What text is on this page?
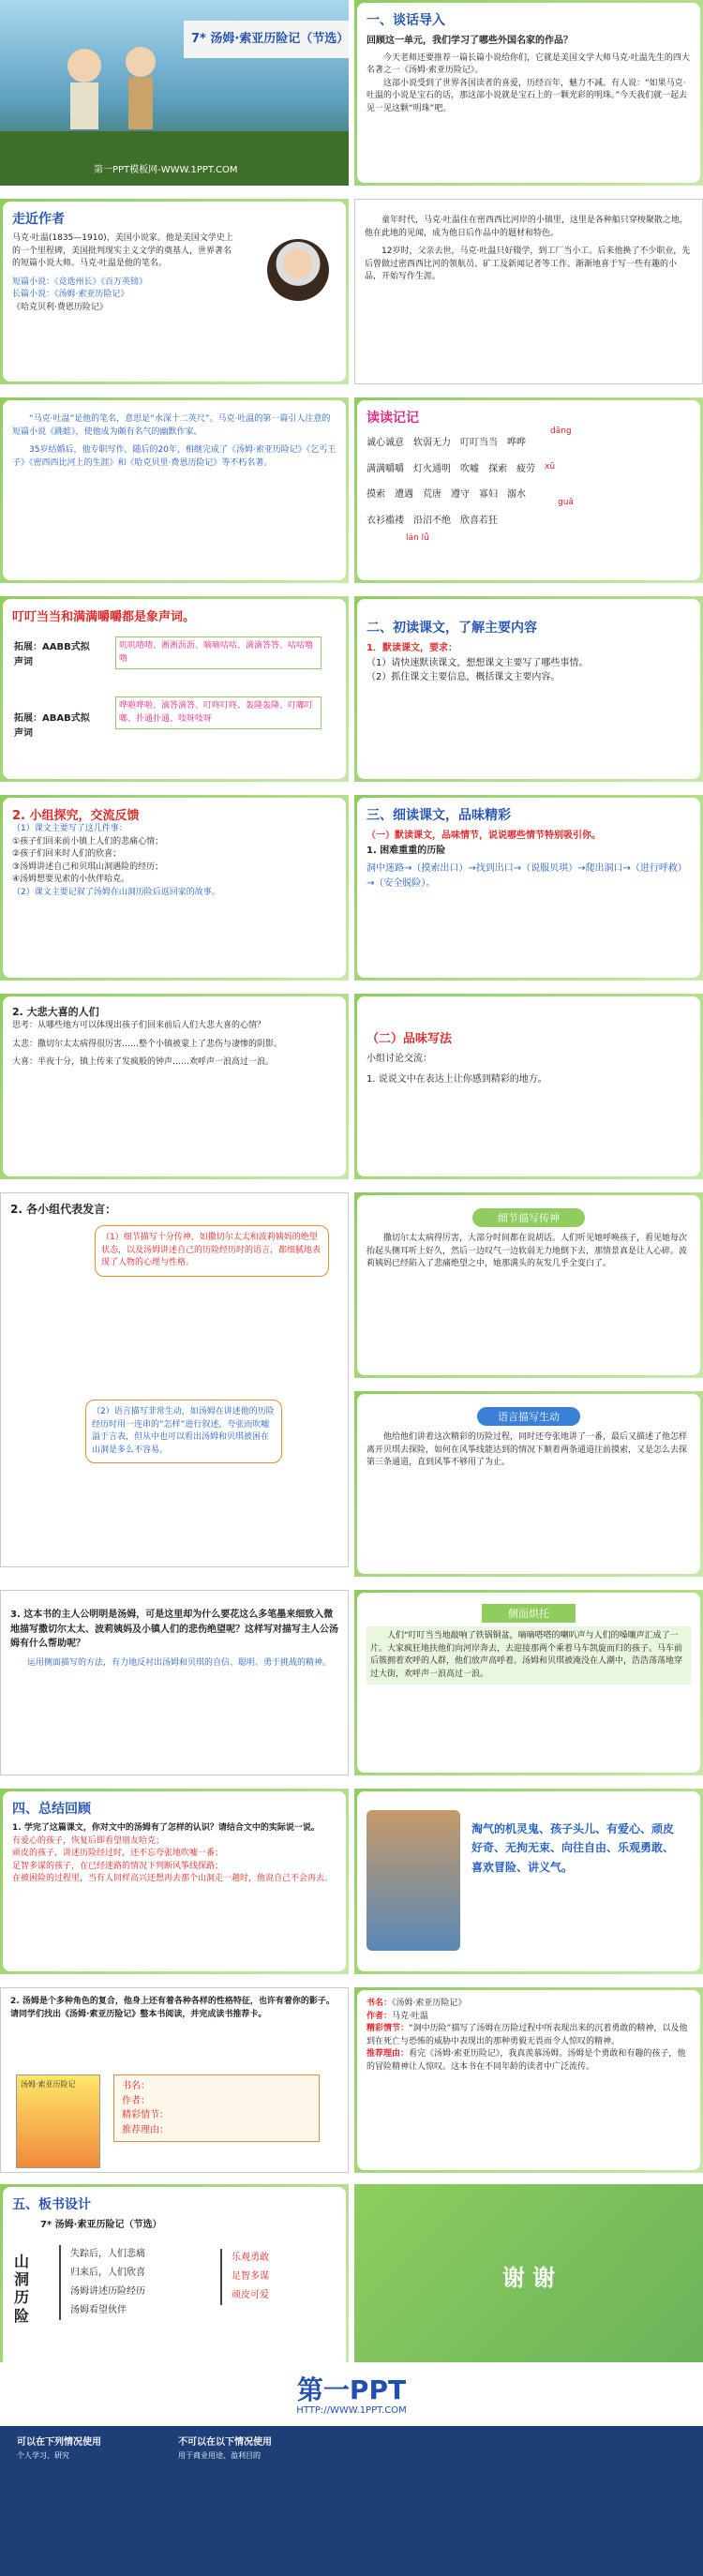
7* 汤姆·索亚历险记（节选）
第一PPT模板网-WWW.1PPT.COM
一、谈话导入
回顾这一单元，我们学习了哪些外国名家的作品？
今天老师还要推荐一篇长篇小说给你们，它就是美国文学大师马克·吐温先生的四大名著之一《汤姆·索亚历险记》。
这部小说受到了世界各国读者的喜爱，历经百年，魅力不减。有人说：“如果马克·吐温的小说是宝石的话，那这部小说就是宝石上的一颗光彩的明珠。”今天我们就一起去见一见这颗“明珠”吧。
走近作者
马克·吐温(1835—1910)，美国小说家。他是美国文学史上的一个里程碑，美国批判现实主义文学的奠基人，世界著名的短篇小说大师。马克·吐温是他的笔名。
短篇小说：《竞选州长》《百万英镑》
长篇小说：《汤姆·索亚历险记》
《哈克贝利·费恩历险记》
童年时代，马克·吐温住在密西西比河岸的小镇里，这里是各种船只穿梭聚散之地，他在此地的见闻，成为他日后作品中的题材和特色。
12岁时，父亲去世，马克·吐温只好辍学，到工厂当小工。后来他换了不少职业，先后曾做过密西西比河的领航员、矿工及新闻记者等工作。渐渐地喜于写一些有趣的小品，开始写作生涯。
“马克·吐温”是他的笔名，意思是“水深十二英尺”。马克·吐温的第一篇引人注意的短篇小说《跳蛙》，使他成为颇有名气的幽默作家。
35岁结婚后，他专职写作，随后的20年，相继完成了《汤姆·索亚历险记》《乞丐王子》《密西西比河上的生涯》和《哈克贝里·费恩历险记》等不朽名著。
读读记记
dāng
诚心诚意　软弱无力　叮叮当当　哗哗
xū
满满嚼嚼　灯火通明　吹嘘　探索　疲劳
guǎ
摸索　遭遇　荒唐　遵守　寡妇　溺水
lán lǚ
衣衫褴褛　沿沼不绝　欣喜若狂
叮叮当当和满满嚼嚼都是象声词。
拓展：AABB式拟声词
叽叽喳喳、淅淅沥沥、嘀嘀咕咕、滴滴答答、咕咕噜噜
拓展：ABAB式拟声词
哗啦哗啦、滴答滴答、叮咚叮咚、轰隆轰隆、叮嘟叮嘟、扑通扑通、吱呀吱呀
二、初读课文，了解主要内容
1．默读课文，要求：
（1）请快速默读课文，想想课文主要写了哪些事情。
（2）抓住课文主要信息，概括课文主要内容。
2. 小组探究，交流反馈
（1）课文主要写了这几件事：
①孩子们回来前小镇上人们的悲痛心情；
②孩子们回来时人们的欣喜；
③汤姆讲述自己和贝琪山洞遇险的经历；
④汤姆想要见索的小伙伴哈克。
（2）课文主要记叙了汤姆在山洞历险后返回家的故事。
三、细读课文，品味精彩
（一）默读课文，品味情节，说说哪些情节特别吸引你。
1. 困难重重的历险
洞中迷路→（摸索出口）→找到出口→（说服贝琪）→爬出洞口→（进行呼救）→（安全脱险）。
2. 大悲大喜的人们
思考：从哪些地方可以体现出孩子们回来前后人们大悲大喜的心情？
太悲：撒切尔太太病得很厉害……整个小镇被蒙上了悲伤与凄惨的阴影。
大喜：半夜十分，镇上传来了发疯般的钟声……欢呼声一浪高过一浪。
（二）品味写法
小组讨论交流：
1. 说说文中在表达上让你感到精彩的地方。
2. 各小组代表发言：
（1）细节描写十分传神，如撒切尔太太和波莉姨妈的绝望状态，以及汤姆讲述自己的历险经历时的语言，都细腻地表现了人物的心理与性格。
（2）语言描写非常生动，如汤姆在讲述他的历险经历时用一连串的“怎样”进行叙述，夸张而吹嘘溢于言表，但从中也可以看出汤姆和贝琪被困在山洞是多么不容易。
细节描写传神
撒切尔太太病得厉害，大部分时间都在说胡话。人们听见她呼唤孩子，看见她每次抬起头侧耳听上好久，然后一边叹气一边软弱无力地倒下去，那情景真是让人心碎。波莉姨妈已经陷入了悲痛绝望之中，她那满头的灰发几乎全变白了。
语言描写生动
他给他们讲着这次精彩的历险过程，同时还夸张地讲了一番，最后又描述了他怎样离开贝琪去探险，如何在风筝线能达到的情况下顺着两条通道往前摸索，又是怎么去探第三条通道，直到风筝不够用了为止。
3. 这本书的主人公明明是汤姆，可是这里却为什么要花这么多笔墨来细致入微地描写撒切尔太太、波莉姨妈及小镇人们的悲伤绝望呢？这样写对描写主人公汤姆有什么帮助呢？
运用侧面描写的方法，有力地反衬出汤姆和贝琪的自信、聪明、勇于挑战的精神。
侧面烘托
人们“叮叮当当地敲响了铁锅铜盆，嘀嘀嗒嗒的喇叭声与人们的嗓嚷声汇成了一片。大家疯狂地扶他们向河岸奔去，去迎接那两个乘着马车凯旋而归的孩子。马车前后簇拥着欢呼的人群，他们放声高呼着。汤姆和贝琪被淹没在人潮中，浩浩荡荡地穿过大街，欢呼声一浪高过一浪。
四、总结回顾
1. 学完了这篇课文，你对文中的汤姆有了怎样的认识？请结合文中的实际说一说。
有爱心的孩子，恢复后即看望朋友哈克；
顽皮的孩子，讲述历险经过时，还不忘夸张地吹嘘一番；
足智多谋的孩子，在已经迷路的情况下判断风筝线探路；
在被困险的过程里，当有人同样高兴还想再去那个山洞走一趟时，他说自己不会再去。
淘气的机灵鬼、孩子头儿、有爱心、顽皮好奇、无拘无束、向往自由、乐观勇敢、喜欢冒险、讲义气。
2. 汤姆是个多种角色的复合，他身上还有着各种各样的性格特征，也许有着你的影子。请同学们找出《汤姆·索亚历险记》整本书阅读，并完成读书推荐卡。
汤姆·索亚历险记	书名：
作者：
精彩情节：
推荐理由：
书名：《汤姆·索亚历险记》
作者：马克·吐温
精彩情节：“洞中历险”描写了汤姆在历险过程中所表现出来的沉着勇敢的精神，以及他到在死亡与恐怖的威胁中表现出的那种勇毅无畏而令人惊叹的精神。
推荐理由：看完《汤姆·索亚历险记》，我真羡慕汤姆。汤姆是个勇敢和有趣的孩子，他的冒险精神让人惊叹。这本书在不同年龄的读者中广泛流传。
五、板书设计
7* 汤姆·索亚历险记（节选）
山洞历险
失踪后，人们悲痛
归来后，人们欣喜
汤姆讲述历险经历
汤姆看望伙伴
乐观勇敢
足智多谋
顽皮可爱
谢 谢
第一PPT
HTTP://WWW.1PPT.COM
可以在下列情况使用
个人学习、研究
不可以在以下情况使用
用于商业用途、盈利目的
